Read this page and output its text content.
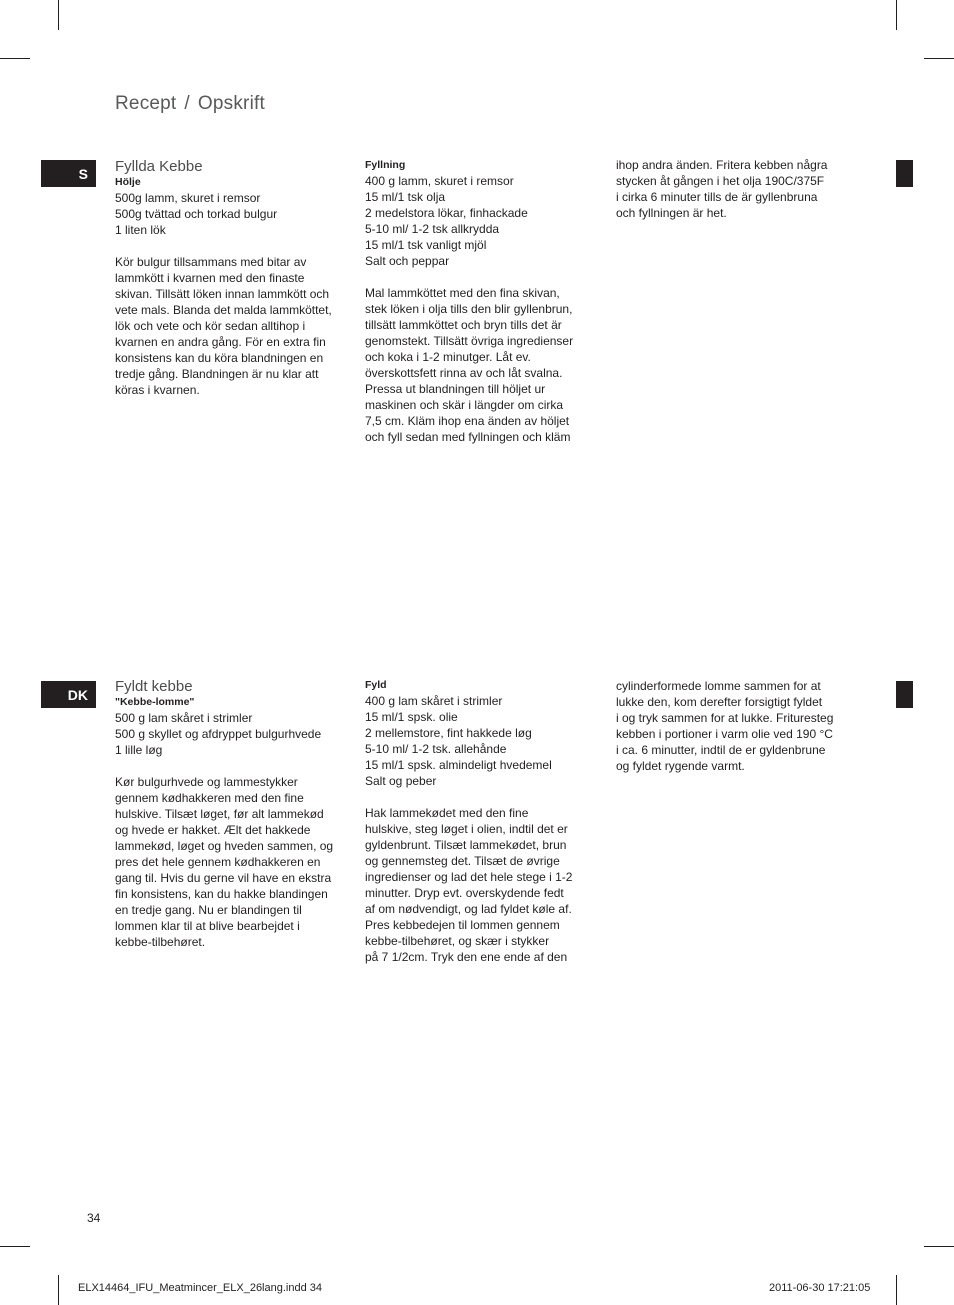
Recept / Opskrift
S	Fyllda Kebbe

Hölje

500g lamm, skuret i remsor

500g tvättad och torkad bulgur

1 liten lök

Kör bulgur tillsammans med bitar av

lammkött i kvarnen med den finaste

skivan. Tillsätt löken innan lammkött och

vete mals. Blanda det malda lammköttet,

lök och vete och kör sedan alltihop i

kvarnen en andra gång. För en extra fin

konsistens kan du köra blandningen en

tredje gång. Blandningen är nu klar att

köras i kvarnen.

Fyllning

400 g lamm, skuret i remsor

15 ml/1 tsk olja

2 medelstora lökar, finhackade

5-10 ml/ 1-2 tsk allkrydda

15 ml/1 tsk vanligt mjöl

Salt och peppar

Mal lammköttet med den fina skivan,

stek löken i olja tills den blir gyllenbrun,

tillsätt lammköttet och bryn tills det är

genomstekt. Tillsätt övriga ingredienser

och koka i 1-2 minutger. Låt ev.

överskottsfett rinna av och låt svalna.

Pressa ut blandningen till höljet ur

maskinen och skär i längder om cirka

7,5 cm. Kläm ihop ena änden av höljet

och fyll sedan med fyllningen och kläm

ihop andra änden. Fritera kebben några

stycken åt gången i het olja 190C/375F

i cirka 6 minuter tills de är gyllenbruna

och fyllningen är het.

DK	Fyldt kebbe

"Kebbe-lomme"

500 g lam skåret i strimler

500 g skyllet og afdryppet bulgurhvede

1 lille løg

Kør bulgurhvede og lammestykker

gennem kødhakkeren med den fine

hulskive. Tilsæt løget, før alt lammekød

og hvede er hakket. Ælt det hakkede

lammekød, løget og hveden sammen, og

pres det hele gennem kødhakkeren en

gang til. Hvis du gerne vil have en ekstra

fin konsistens, kan du hakke blandingen

en tredje gang. Nu er blandingen til

lommen klar til at blive bearbejdet i

kebbe-tilbehøret.

Fyld

400 g lam skåret i strimler

15 ml/1 spsk. olie

2 mellemstore, fint hakkede løg

5-10 ml/ 1-2 tsk. allehånde

15 ml/1 spsk. almindeligt hvedemel

Salt og peber

Hak lammekødet med den fine

hulskive, steg løget i olien, indtil det er

gyldenbrunt. Tilsæt lammekødet, brun

og gennemsteg det. Tilsæt de øvrige

ingredienser og lad det hele stege i 1-2

minutter. Dryp evt. overskydende fedt

af om nødvendigt, og lad fyldet køle af.

Pres kebbedejen til lommen gennem

kebbe-tilbehøret, og skær i stykker

på 7 1/2cm. Tryk den ene ende af den

cylinderformede lomme sammen for at

lukke den, kom derefter forsigtigt fyldet

i og tryk sammen for at lukke. Frituresteg

kebben i portioner i varm olie ved 190 °C

i ca. 6 minutter, indtil de er gyldenbrune

og fyldet rygende varmt.

34
ELX14464_IFU_Meatmincer_ELX_26lang.indd 34	2011-06-30 17:21:05
